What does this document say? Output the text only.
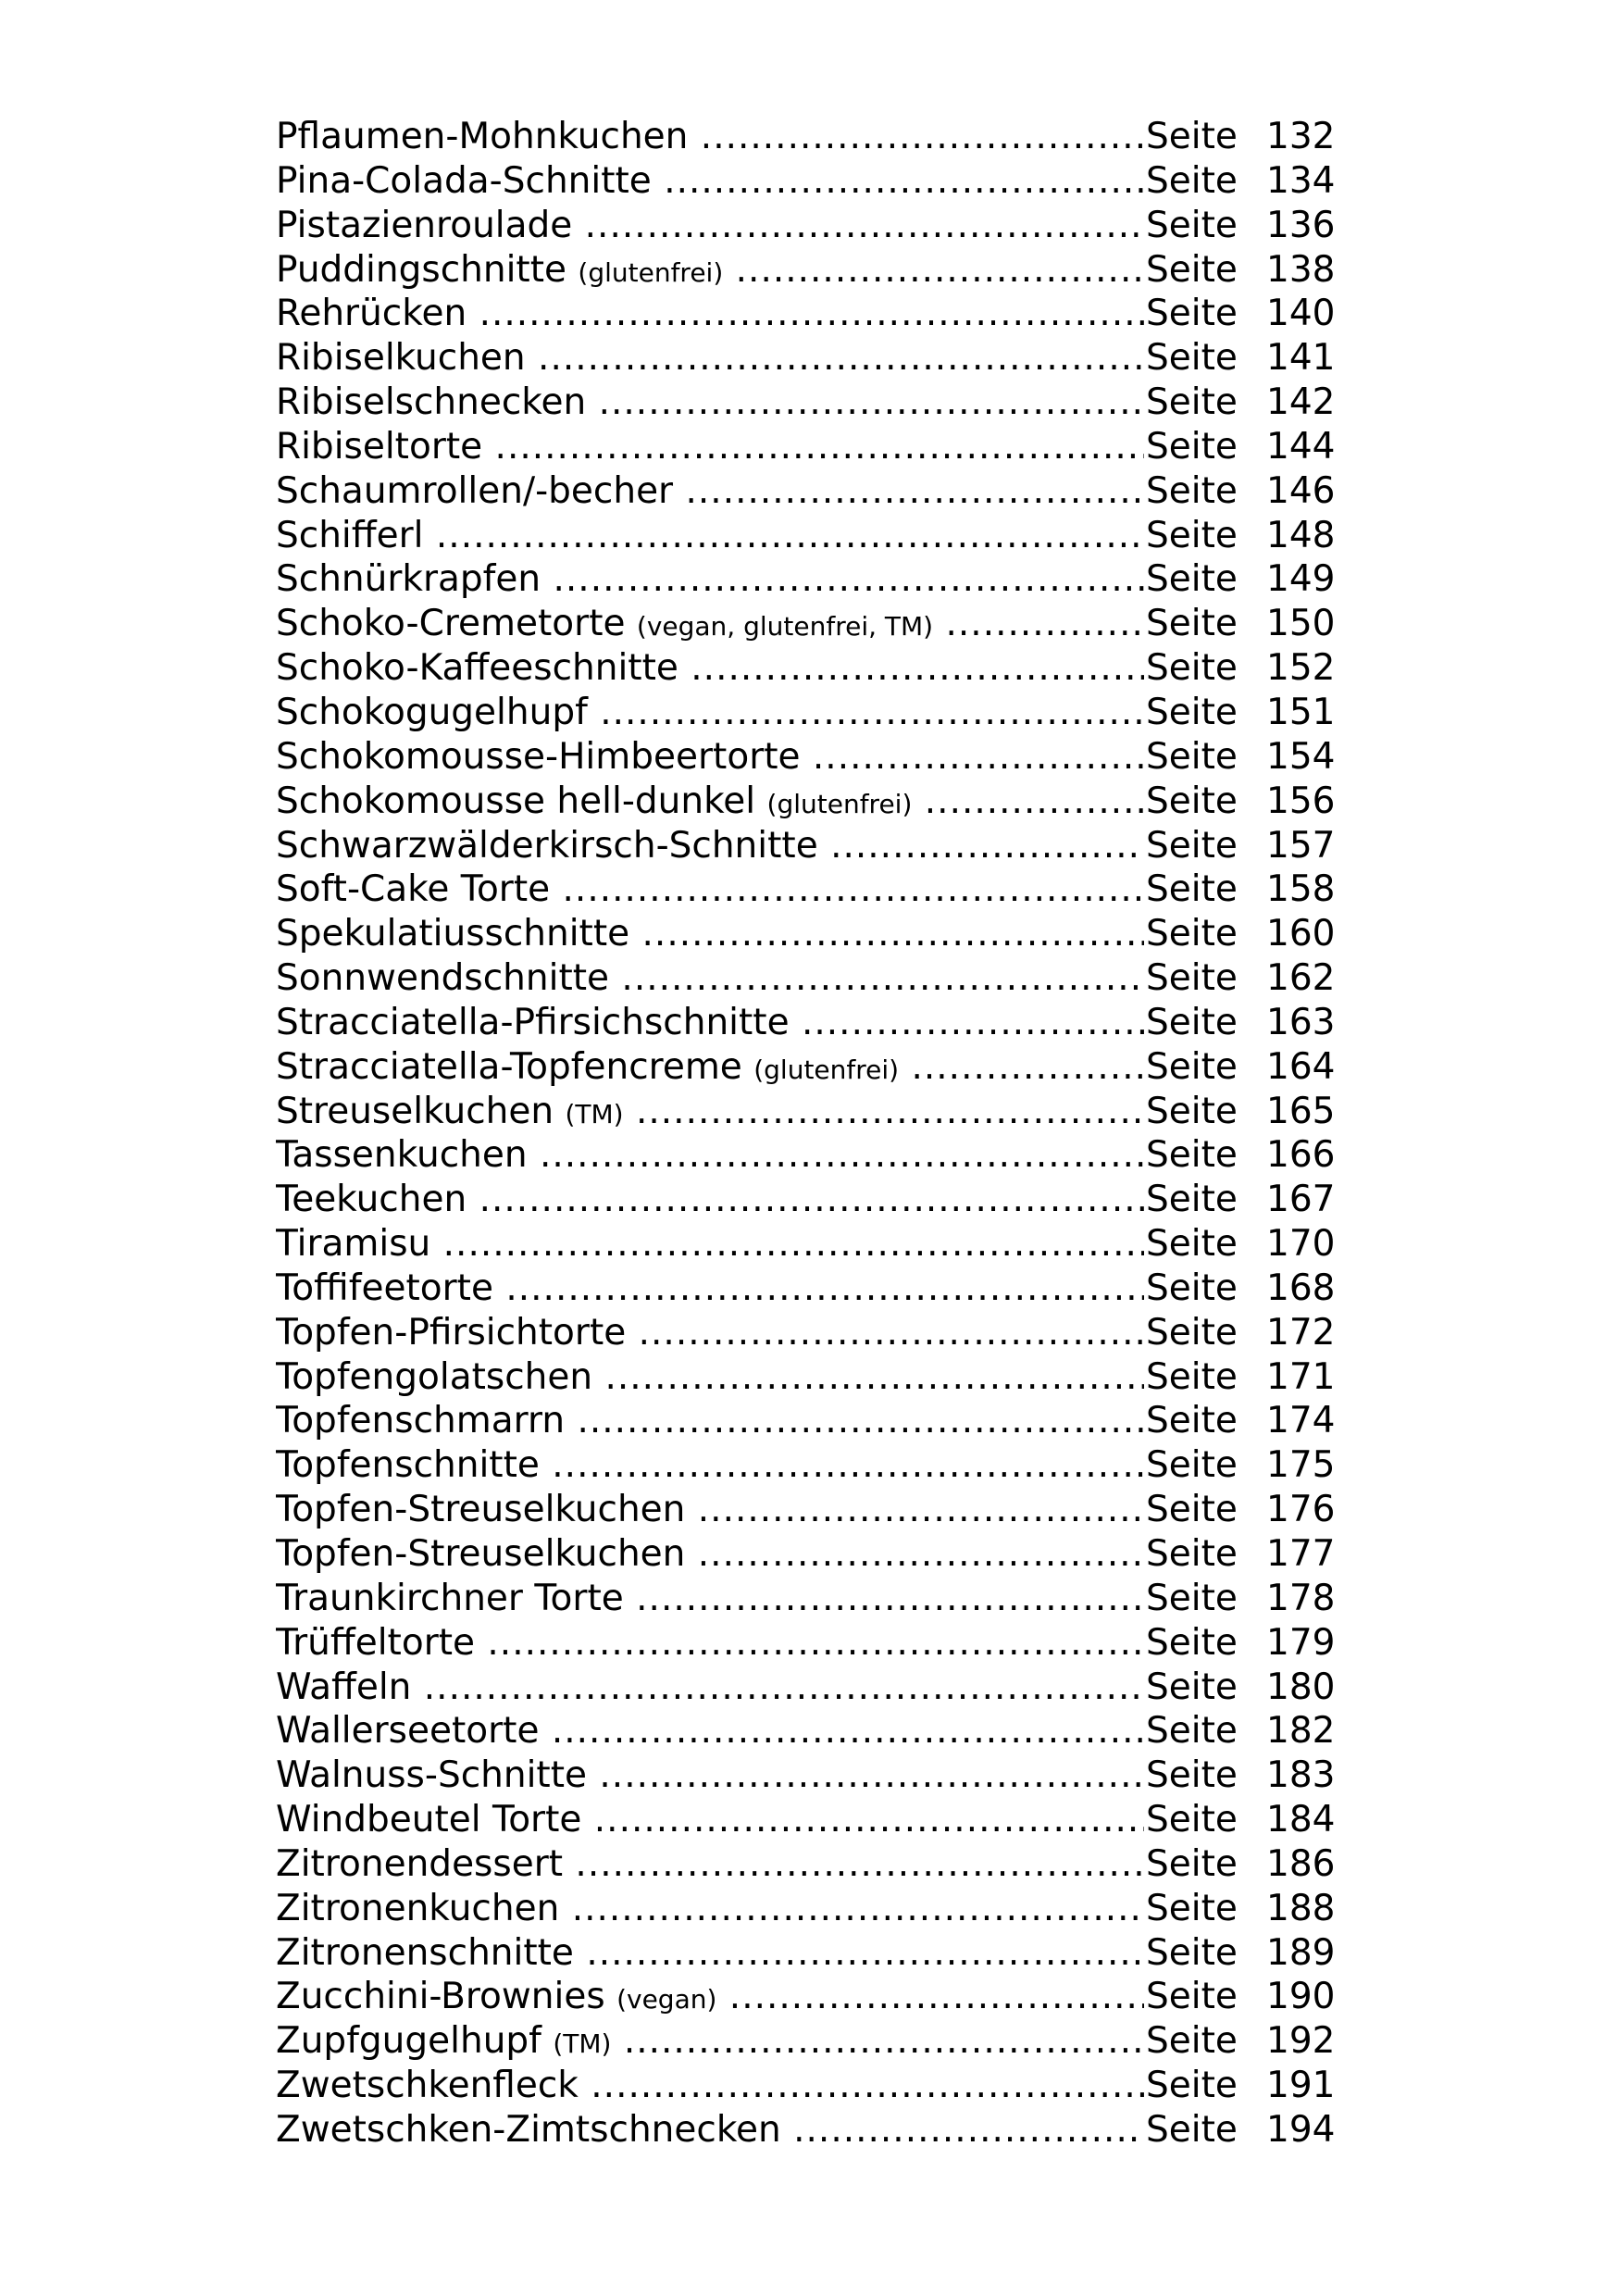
Pflaumen-Mohnkuchen .....	Seite 132
Pina-Colada-Schnitte .....	Seite 134
Pistazienroulade .....	Seite 136
Puddingschnitte (glutenfrei) .....	Seite 138
Rehrücken .....	Seite 140
Ribiselkuchen .....	Seite 141
Ribiselschnecken .....	Seite 142
Ribiseltorte .....	Seite 144
Schaumrollen/-becher .....	Seite 146
Schifferl .....	Seite 148
Schnürkrapfen .....	Seite 149
Schoko-Cremetorte (vegan, glutenfrei, TM) .....	Seite 150
Schoko-Kaffeeschnitte .....	Seite 152
Schokogugelhupf .....	Seite 151
Schokomousse-Himbeertorte .....	Seite 154
Schokomousse hell-dunkel (glutenfrei) .....	Seite 156
Schwarzwälderkirsch-Schnitte .....	Seite 157
Soft-Cake Torte .....	Seite 158
Spekulatiusschnitte .....	Seite 160
Sonnwendschnitte .....	Seite 162
Stracciatella-Pfirsichschnitte .....	Seite 163
Stracciatella-Topfencreme (glutenfrei) .....	Seite 164
Streuselkuchen (TM) .....	Seite 165
Tassenkuchen .....	Seite 166
Teekuchen .....	Seite 167
Tiramisu .....	Seite 170
Toffifeetorte .....	Seite 168
Topfen-Pfirsichtorte .....	Seite 172
Topfengolatschen .....	Seite 171
Topfenschmarrn .....	Seite 174
Topfenschnitte .....	Seite 175
Topfen-Streuselkuchen .....	Seite 176
Topfen-Streuselkuchen .....	Seite 177
Traunkirchner Torte .....	Seite 178
Trüffeltorte .....	Seite 179
Waffeln .....	Seite 180
Wallerseetorte .....	Seite 182
Walnuss-Schnitte .....	Seite 183
Windbeutel Torte .....	Seite 184
Zitronendessert .....	Seite 186
Zitronenkuchen .....	Seite 188
Zitronenschnitte .....	Seite 189
Zucchini-Brownies (vegan) .....	Seite 190
Zupfgugelhupf (TM) .....	Seite 192
Zwetschkenfleck .....	Seite 191
Zwetschken-Zimtschnecken .....	Seite 194
